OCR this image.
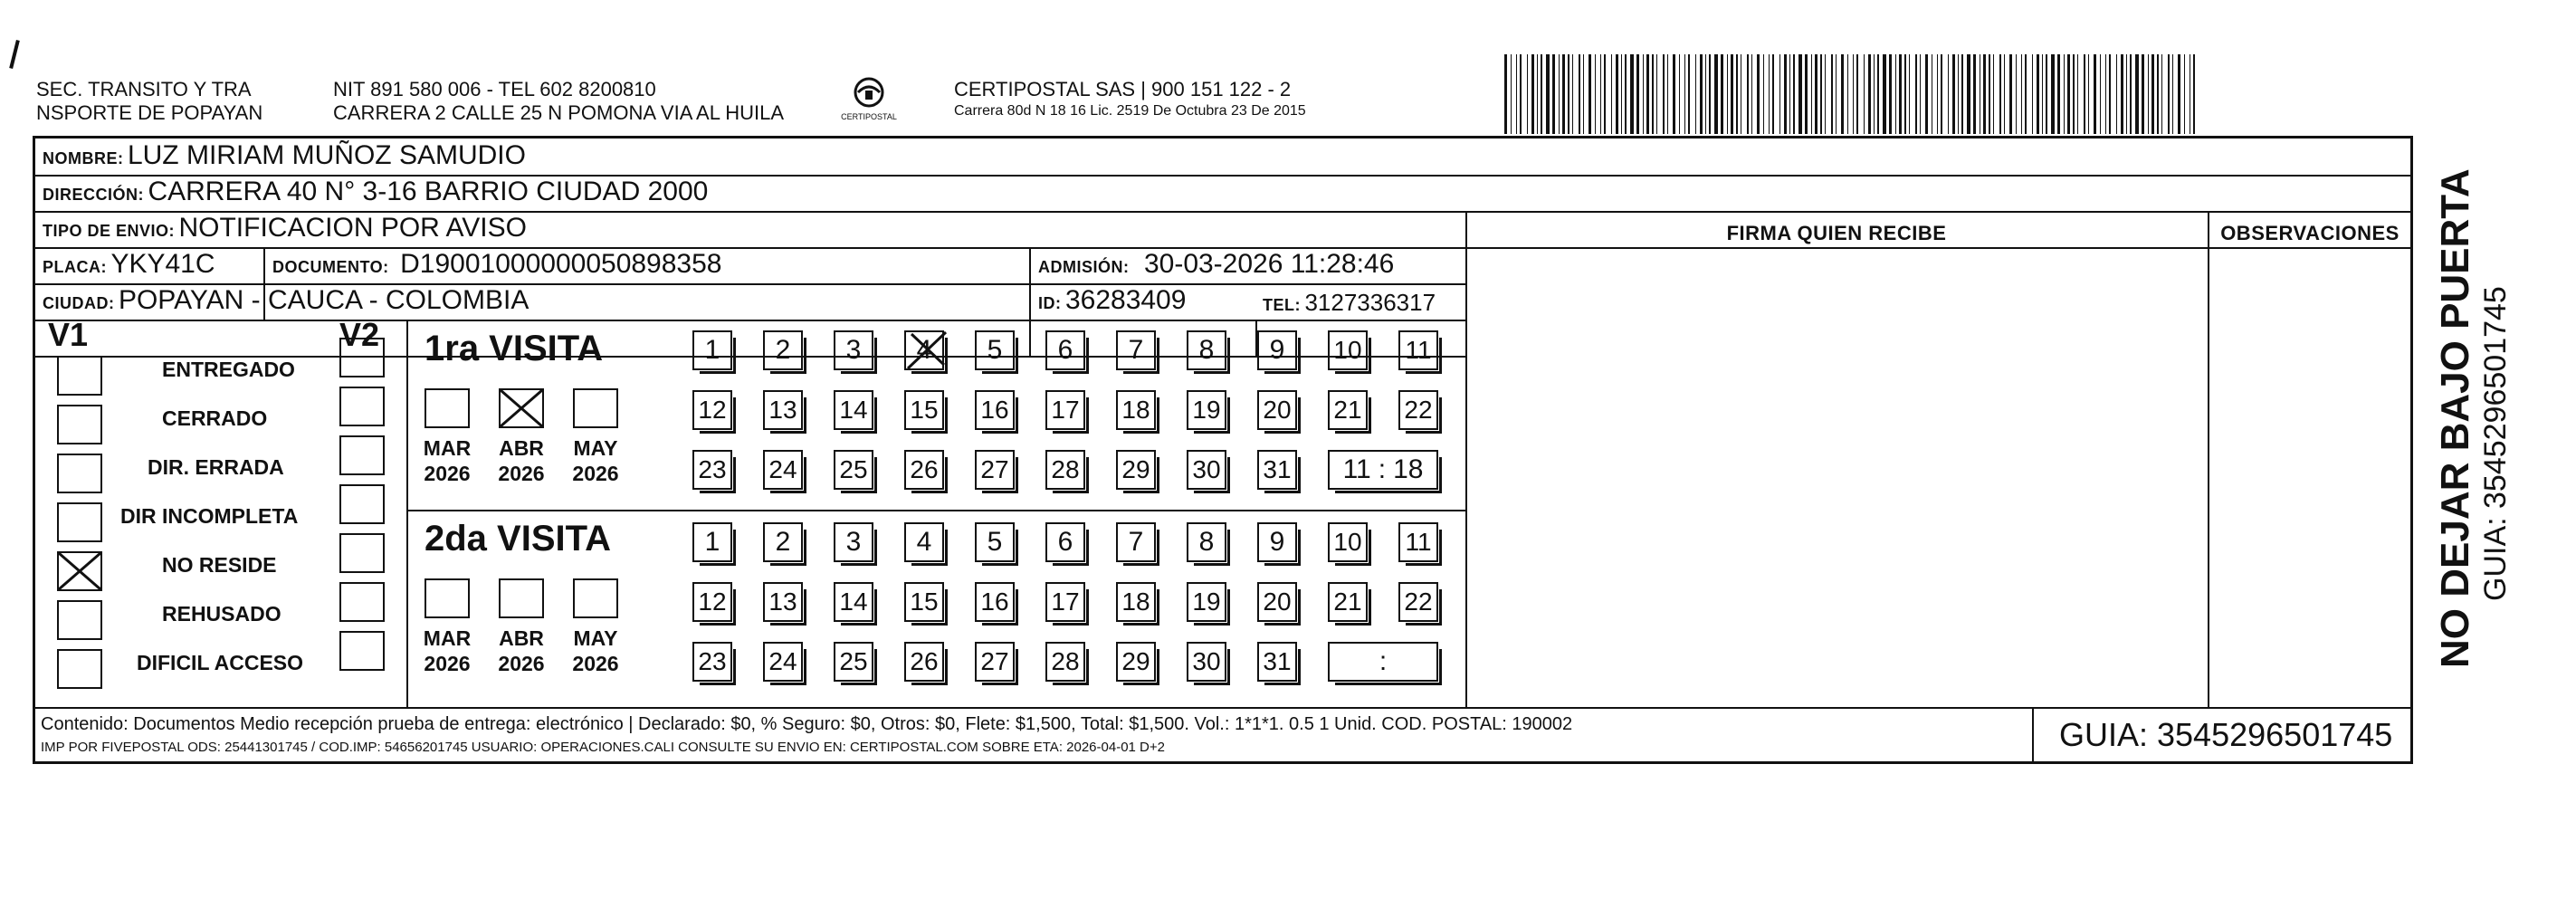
SEC. TRANSITO Y TRA
NSPORTE DE POPAYAN
NIT 891 580 006 - TEL 602 8200810
CARRERA 2 CALLE 25 N POMONA VIA AL HUILA	CERTIPOSTAL
CERTIPOSTAL SAS | 900 151 122 - 2
Carrera 80d N 18 16 Lic. 2519 De Octubra 23 De 2015
NOMBRE: LUZ MIRIAM MUÑOZ SAMUDIO
DIRECCIÓN: CARRERA 40 N° 3-16 BARRIO CIUDAD 2000
TIPO DE ENVIO: NOTIFICACION POR AVISO	FIRMA QUIEN RECIBE	OBSERVACIONES
PLACA: YKY41C	DOCUMENTO: D19001000000050898358	ADMISIÓN: 30-03-2026 11:28:46
CIUDAD: POPAYAN - CAUCA - COLOMBIA	ID: 36283409	TEL: 3127336317
V1	V2
ENTREGADO
CERRADO
DIR. ERRADA
DIR INCOMPLETA
NO RESIDE
REHUSADO
DIFICIL ACCESO
1ra VISITA
2da VISITA
MAR
2026
ABR
2026
MAY
2026
1	2	3	4	5	6	7	8	9	10 11
12 13 14 15 16 17 18 19 20 21 22
23 24 25 26 27 28 29 30 31	11 : 18
MAR
2026
ABR
2026
MAY
2026
1	2	3	4	5	6	7	8	9	10 11
12 13 14 15 16 17 18 19 20 21 22
23 24 25 26 27 28 29 30 31	:
Contenido: Documentos Medio recepción prueba de entrega: electrónico | Declarado: $0, % Seguro: $0, Otros: $0, Flete: $1,500, Total: $1,500. Vol.: 1*1*1. 0.5 1 Unid. COD. POSTAL: 190002
IMP POR FIVEPOSTAL ODS: 25441301745 / COD.IMP: 54656201745 USUARIO: OPERACIONES.CALI CONSULTE SU ENVIO EN: CERTIPOSTAL.COM SOBRE ETA: 2026-04-01 D+2	GUIA: 3545296501745
NO DEJAR BAJO PUERTA GUIA: 3545296501745
